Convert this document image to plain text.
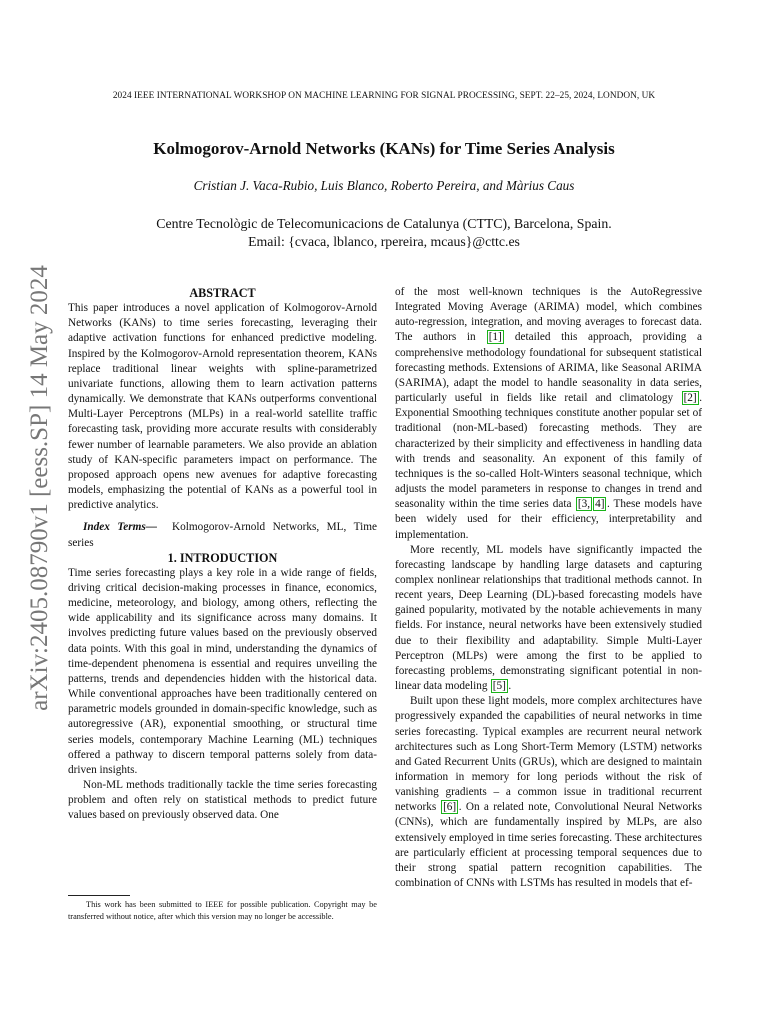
2024 IEEE INTERNATIONAL WORKSHOP ON MACHINE LEARNING FOR SIGNAL PROCESSING, SEPT. 22–25, 2024, LONDON, UK
arXiv:2405.08790v1 [eess.SP] 14 May 2024
Kolmogorov-Arnold Networks (KANs) for Time Series Analysis
Cristian J. Vaca-Rubio, Luis Blanco, Roberto Pereira, and Màrius Caus
Centre Tecnològic de Telecomunicacions de Catalunya (CTTC), Barcelona, Spain.
Email: {cvaca, lblanco, rpereira, mcaus}@cttc.es

ABSTRACT

This paper introduces a novel application of Kolmogorov-Arnold Networks (KANs) to time series forecasting, leveraging their adaptive activation functions for enhanced predictive modeling. Inspired by the Kolmogorov-Arnold representation theorem, KANs replace traditional linear weights with spline-parametrized univariate functions, allowing them to learn activation patterns dynamically. We demonstrate that KANs outperforms conventional Multi-Layer Perceptrons (MLPs) in a real-world satellite traffic forecasting task, providing more accurate results with considerably fewer number of learnable parameters. We also provide an ablation study of KAN-specific parameters impact on performance. The proposed approach opens new avenues for adaptive forecasting models, emphasizing the potential of KANs as a powerful tool in predictive analytics.

Index Terms— Kolmogorov-Arnold Networks, ML, Time series

1. INTRODUCTION

Time series forecasting plays a key role in a wide range of fields, driving critical decision-making processes in finance, economics, medicine, meteorology, and biology, among others, reflecting the wide applicability and its significance across many domains. It involves predicting future values based on the previously observed data points. With this goal in mind, understanding the dynamics of time-dependent phenomena is essential and requires unveiling the patterns, trends and dependencies hidden with the historical data. While conventional approaches have been traditionally centered on parametric models grounded in domain-specific knowledge, such as autoregressive (AR), exponential smoothing, or structural time series models, contemporary Machine Learning (ML) techniques offered a pathway to discern temporal patterns solely from data-driven insights.

Non-ML methods traditionally tackle the time series forecasting problem and often rely on statistical methods to predict future values based on previously observed data. One

This work has been submitted to IEEE for possible publication. Copyright may be transferred without notice, after which this version may no longer be accessible.

of the most well-known techniques is the AutoRegressive Integrated Moving Average (ARIMA) model, which combines auto-regression, integration, and moving averages to forecast data. The authors in [1] detailed this approach, providing a comprehensive methodology foundational for subsequent statistical forecasting methods. Extensions of ARIMA, like Seasonal ARIMA (SARIMA), adapt the model to handle seasonality in data series, particularly useful in fields like retail and climatology [2] . Exponential Smoothing techniques constitute another popular set of traditional (non-ML-based) forecasting methods. They are characterized by their simplicity and effectiveness in handling data with trends and seasonality. An exponent of this family of techniques is the so-called Holt-Winters seasonal technique, which adjusts the model parameters in response to changes in trend and seasonality within the time series data [3, 4] . These models have been widely used for their efficiency, interpretability and implementation.

More recently, ML models have significantly impacted the forecasting landscape by handling large datasets and capturing complex nonlinear relationships that traditional methods cannot. In recent years, Deep Learning (DL)-based forecasting models have gained popularity, motivated by the notable achievements in many fields. For instance, neural networks have been extensively studied due to their flexibility and adaptability. Simple Multi-Layer Perceptron (MLPs) were among the first to be applied to forecasting problems, demonstrating significant potential in non-linear data modeling [5] .

Built upon these light models, more complex architectures have progressively expanded the capabilities of neural networks in time series forecasting. Typical examples are recurrent neural network architectures such as Long Short-Term Memory (LSTM) networks and Gated Recurrent Units (GRUs), which are designed to maintain information in memory for long periods without the risk of vanishing gradients – a common issue in traditional recurrent networks [6] . On a related note, Convolutional Neural Networks (CNNs), which are fundamentally inspired by MLPs, are also extensively employed in time series forecasting. These architectures are particularly efficient at processing temporal sequences due to their strong spatial pattern recognition capabilities. The combination of CNNs with LSTMs has resulted in models that ef-
